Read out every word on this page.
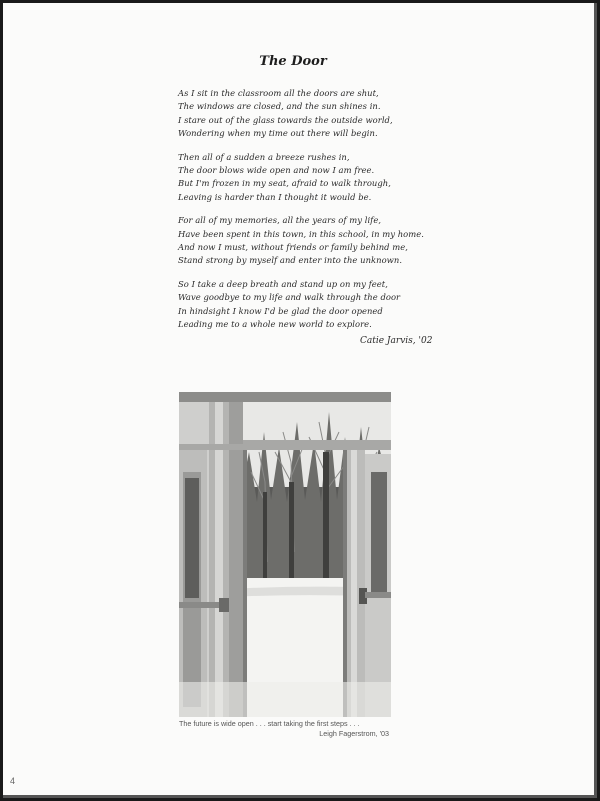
The Door
As I sit in the classroom all the doors are shut,
The windows are closed, and the sun shines in.
I stare out of the glass towards the outside world,
Wondering when my time out there will begin.
Then all of a sudden a breeze rushes in,
The door blows wide open and now I am free.
But I'm frozen in my seat, afraid to walk through,
Leaving is harder than I thought it would be.
For all of my memories, all the years of my life,
Have been spent in this town, in this school, in my home.
And now I must, without friends or family behind me,
Stand strong by myself and enter into the unknown.
So I take a deep breath and stand up on my feet,
Wave goodbye to my life and walk through the door
In hindsight I know I'd be glad the door opened
Leading me to a whole new world to explore.
Catie Jarvis, '02
The future is wide open . . . start taking the first steps . . .
Leigh Fagerstrom, '03
4
